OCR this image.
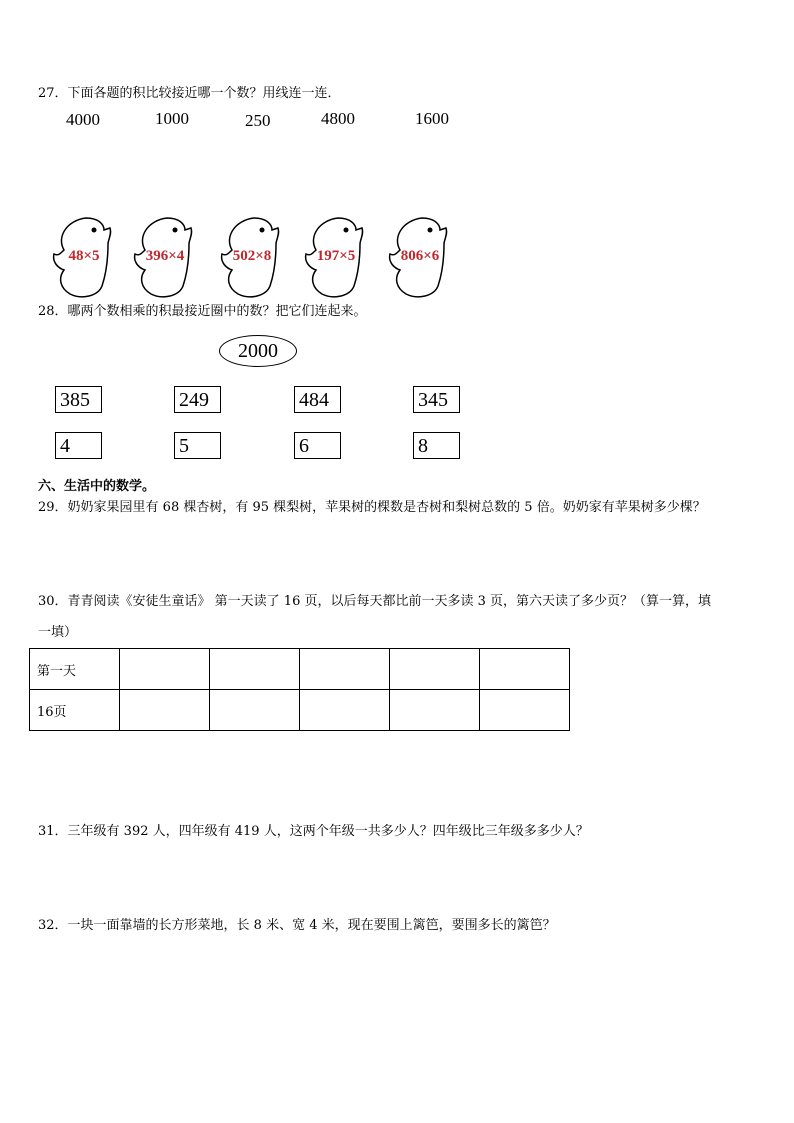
27．下面各题的积比较接近哪一个数？用线连一连．
4000	1000	250	4800	1600
48×5	396×4	502×8	197×5	806×6
28．哪两个数相乘的积最接近圈中的数？把它们连起来。
2000
385	249	484	345
4	5	6	8
六、生活中的数学。
29．奶奶家果园里有 68 棵杏树，有 95 棵梨树，苹果树的棵数是杏树和梨树总数的 5 倍。奶奶家有苹果树多少棵？
30．青青阅读《安徒生童话》 第一天读了 16 页，以后每天都比前一天多读 3 页，第六天读了多少页？（算一算，填
一填）
第一天					
16页					
31．三年级有 392 人，四年级有 419 人，这两个年级一共多少人？四年级比三年级多多少人？
32．一块一面靠墙的长方形菜地，长 8 米、宽 4 米，现在要围上篱笆，要围多长的篱笆？
